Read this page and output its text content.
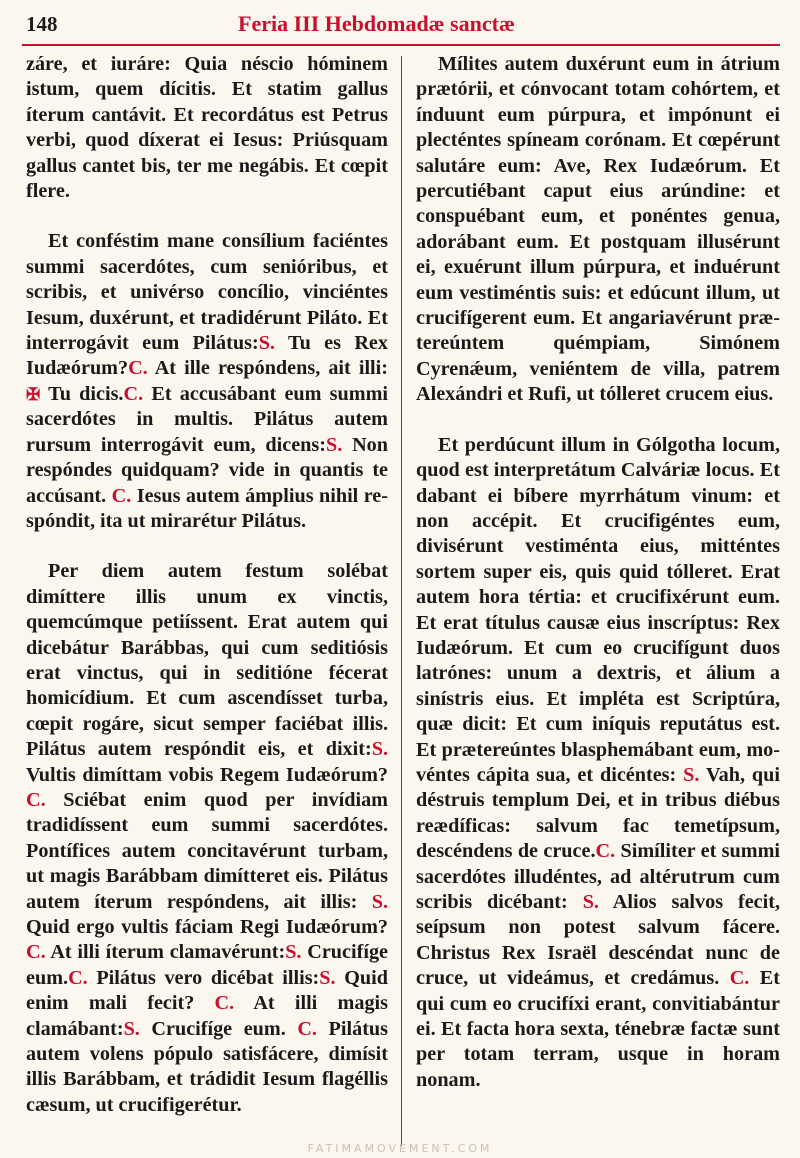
148	Feria III Hebdomadæ sanctæ

záre, et iuráre: Quia néscio hóminem istum, quem dícitis. Et statim gallus íterum cantávit. Et recordátus est Petrus verbi, quod díxerat ei Iesus: Priúsquam gallus cantet bis, ter me negábis. Et cœpit flere.

Et conféstim mane consílium faciéntes summi sacerdótes, cum senióribus, et scribis, et univérso concílio, vinciéntes Iesum, duxérunt, et tradidérunt Piláto. Et interrogávit eum Pilátus:S. Tu es Rex Iudæórum?C. At ille respóndens, ait illi: ✠ Tu dicis.C. Et accusábant eum summi sacerdótes in multis. Pilátus autem rursum interrogávit eum, dicens:S. Non respóndes quidquam? vide in quantis te accúsant. C. Iesus autem ámplius nihil respóndit, ita ut mirarétur Pilátus.

Per diem autem festum solébat dimíttere illis unum ex vinctis, quemcúmque petiíssent. Erat autem qui dicebátur Barábbas, qui cum seditiósis erat vinctus, qui in seditióne fécerat homicídium. Et cum ascendísset turba, cœpit rogáre, sicut semper faciébat illis. Pilátus autem respóndit eis, et dixit:S. Vultis dimíttam vobis Regem Iudæórum? C. Sciébat enim quod per invídiam tradidíssent eum summi sacerdótes. Pontífices autem concitavérunt turbam, ut magis Barábbam dimítteret eis. Pilátus autem íterum respóndens, ait illis: S. Quid ergo vultis fáciam Regi Iudæórum? C. At illi íterum clamavérunt:S. Crucifíge eum.C. Pilátus vero dicébat illis:S. Quid enim mali fecit? C. At illi magis clamábant:S. Crucifíge eum. C. Pilátus autem volens pópulo satisfácere, dimísit illis Barábbam, et trádidit Iesum flagéllis cæsum, ut crucifigerétur.

Mílites autem duxérunt eum in átrium prætórii, et cónvocant totam cohórtem, et índuunt eum púrpura, et impónunt ei plecténtes spíneam corónam. Et cœpérunt salutáre eum: Ave, Rex Iudæórum. Et percutiébant caput eius arúndine: et conspuébant eum, et ponéntes genua, adorábant eum. Et postquam illusérunt ei, exuérunt illum púrpura, et induérunt eum vestiméntis suis: et edúcunt illum, ut crucifígerent eum. Et angariavérunt prætereúntem quémpiam, Simónem Cyrenǽum, veniéntem de villa, patrem Alexándri et Rufi, ut tólleret crucem eius.

Et perdúcunt illum in Gólgotha locum, quod est interpretátum Calváriæ locus. Et dabant ei bíbere myrrhátum vinum: et non accépit. Et crucifigéntes eum, divisérunt vestiménta eius, mitténtes sortem super eis, quis quid tólleret. Erat autem hora tértia: et crucifixérunt eum. Et erat títulus causæ eius inscríptus: Rex Iudæórum. Et cum eo crucifígunt duos latrónes: unum a dextris, et álium a sinístris eius. Et impléta est Scriptúra, quæ dicit: Et cum iníquis reputátus est. Et prætereúntes blasphemábant eum, movéntes cápita sua, et dicéntes: S. Vah, qui déstruis templum Dei, et in tribus diébus reædíficas: salvum fac temetípsum, descéndens de cruce.C. Simíliter et summi sacerdótes illudéntes, ad altérutrum cum scribis dicébant: S. Alios salvos fecit, seípsum non potest salvum fácere. Christus Rex Israël descéndat nunc de cruce, ut videámus, et credámus. C. Et qui cum eo crucifíxi erant, convitiabántur ei. Et facta hora sexta, ténebræ factæ sunt per totam terram, usque in horam nonam.

FATIMAMOVEMENT.COM
